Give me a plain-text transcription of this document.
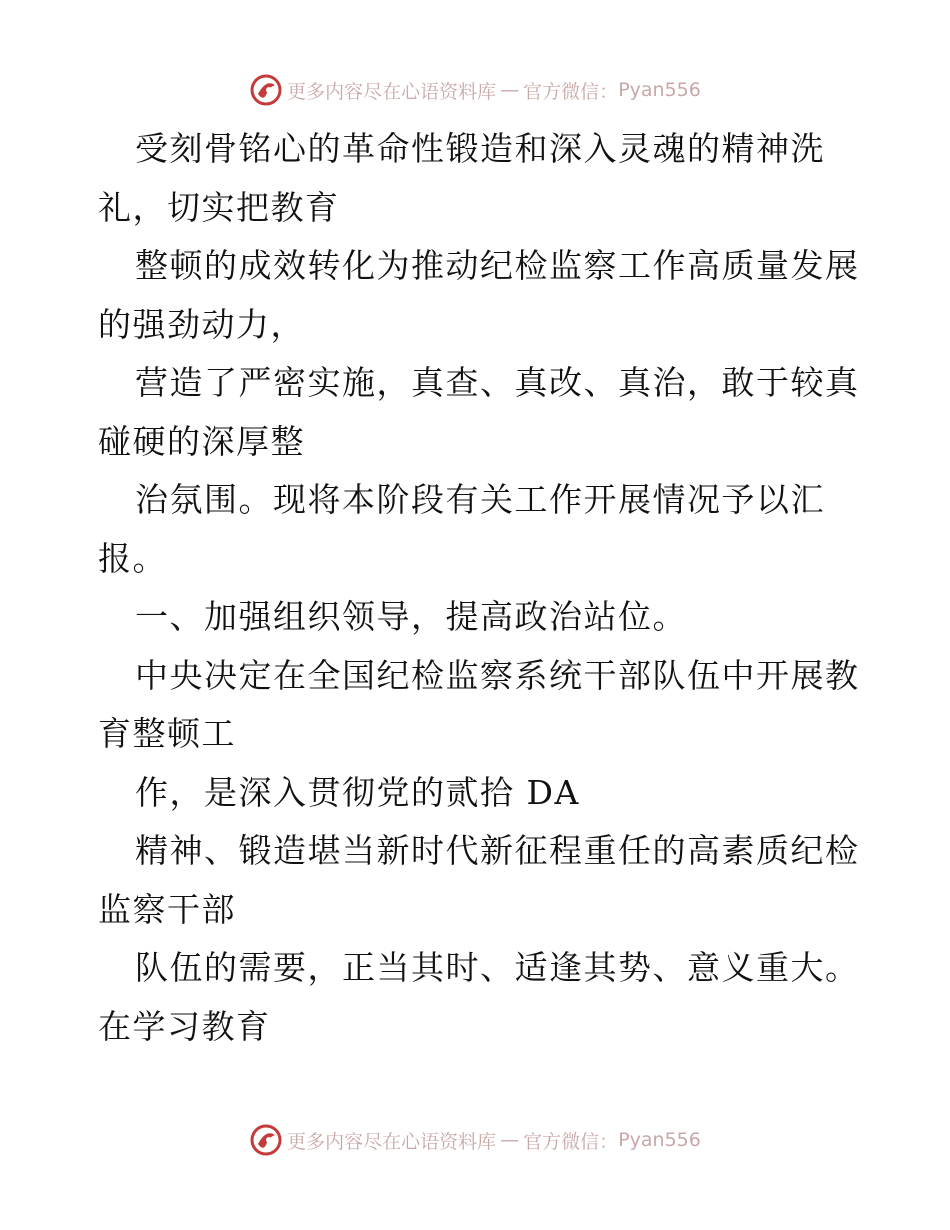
更多内容尽在心语资料库 — 官方微信： Pyan556
受刻骨铭心的革命性锻造和深入灵魂的精神洗
礼，切实把教育
整顿的成效转化为推动纪检监察工作高质量发展
的强劲动力，
营造了严密实施，真查、真改、真治，敢于较真
碰硬的深厚整
治氛围。现将本阶段有关工作开展情况予以汇
报。
一、加强组织领导，提高政治站位。
中央决定在全国纪检监察系统干部队伍中开展教
育整顿工
作，是深入贯彻党的贰拾 DA
精神、锻造堪当新时代新征程重任的高素质纪检
监察干部
队伍的需要，正当其时、适逢其势、意义重大。
在学习教育
更多内容尽在心语资料库 — 官方微信： Pyan556
